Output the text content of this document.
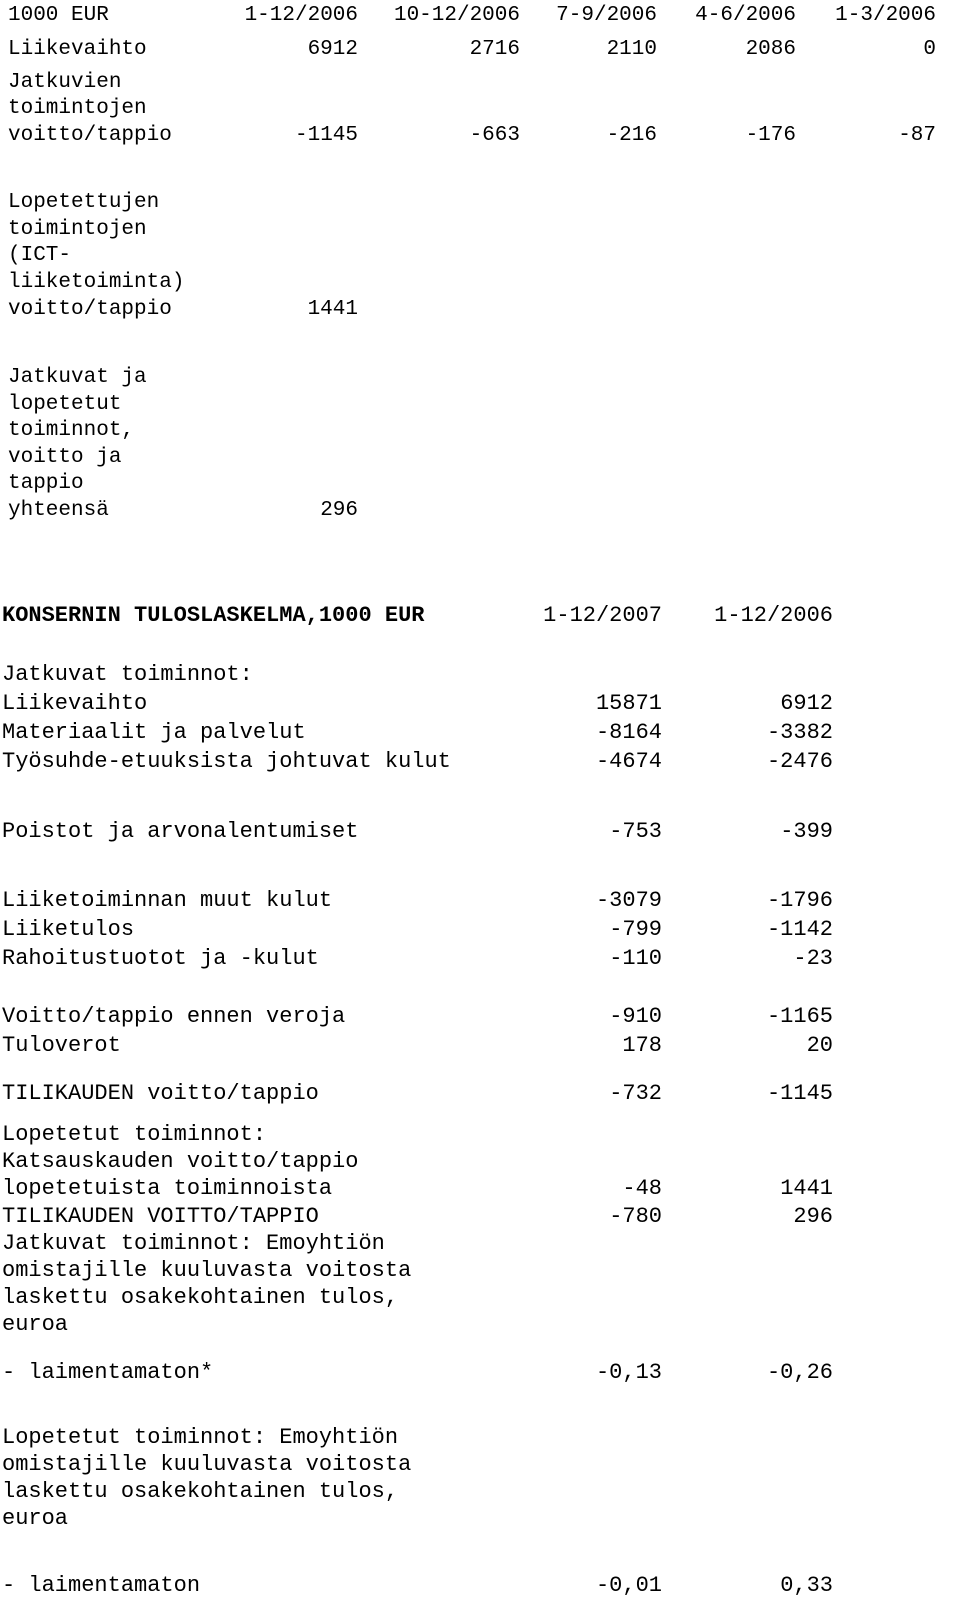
1000 EUR	1-12/2006 10-12/2006 7-9/2006 4-6/2006 1-3/2006
Liikevaihto	6912	2716	2110	2086	0
Jatkuvien
toimintojen
voitto/tappio	-1145	-663	-216	-176	-87
Lopetettujen
toimintojen
(ICT-
liiketoiminta)
voitto/tappio	1441
Jatkuvat ja
lopetetut
toiminnot,
voitto ja
tappio
yhteensä	296
KONSERNIN TULOSLASKELMA,1000 EUR	1-12/2007 1-12/2006
Jatkuvat toiminnot:
Liikevaihto	15871	6912
Materiaalit ja palvelut	-8164	-3382
Työsuhde-etuuksista johtuvat kulut	-4674	-2476
Poistot ja arvonalentumiset	-753	-399
Liiketoiminnan muut kulut	-3079	-1796
Liiketulos	-799	-1142
Rahoitustuotot ja -kulut	-110	-23
Voitto/tappio ennen veroja	-910	-1165
Tuloverot	178	20
TILIKAUDEN voitto/tappio	-732	-1145
Lopetetut toiminnot:
Katsauskauden voitto/tappio
lopetetuista toiminnoista	-48	1441
TILIKAUDEN VOITTO/TAPPIO	-780	296
Jatkuvat toiminnot: Emoyhtiön
omistajille kuuluvasta voitosta
laskettu osakekohtainen tulos,
euroa
- laimentamaton*	-0,13	-0,26
Lopetetut toiminnot: Emoyhtiön
omistajille kuuluvasta voitosta
laskettu osakekohtainen tulos,
euroa
- laimentamaton	-0,01	0,33
